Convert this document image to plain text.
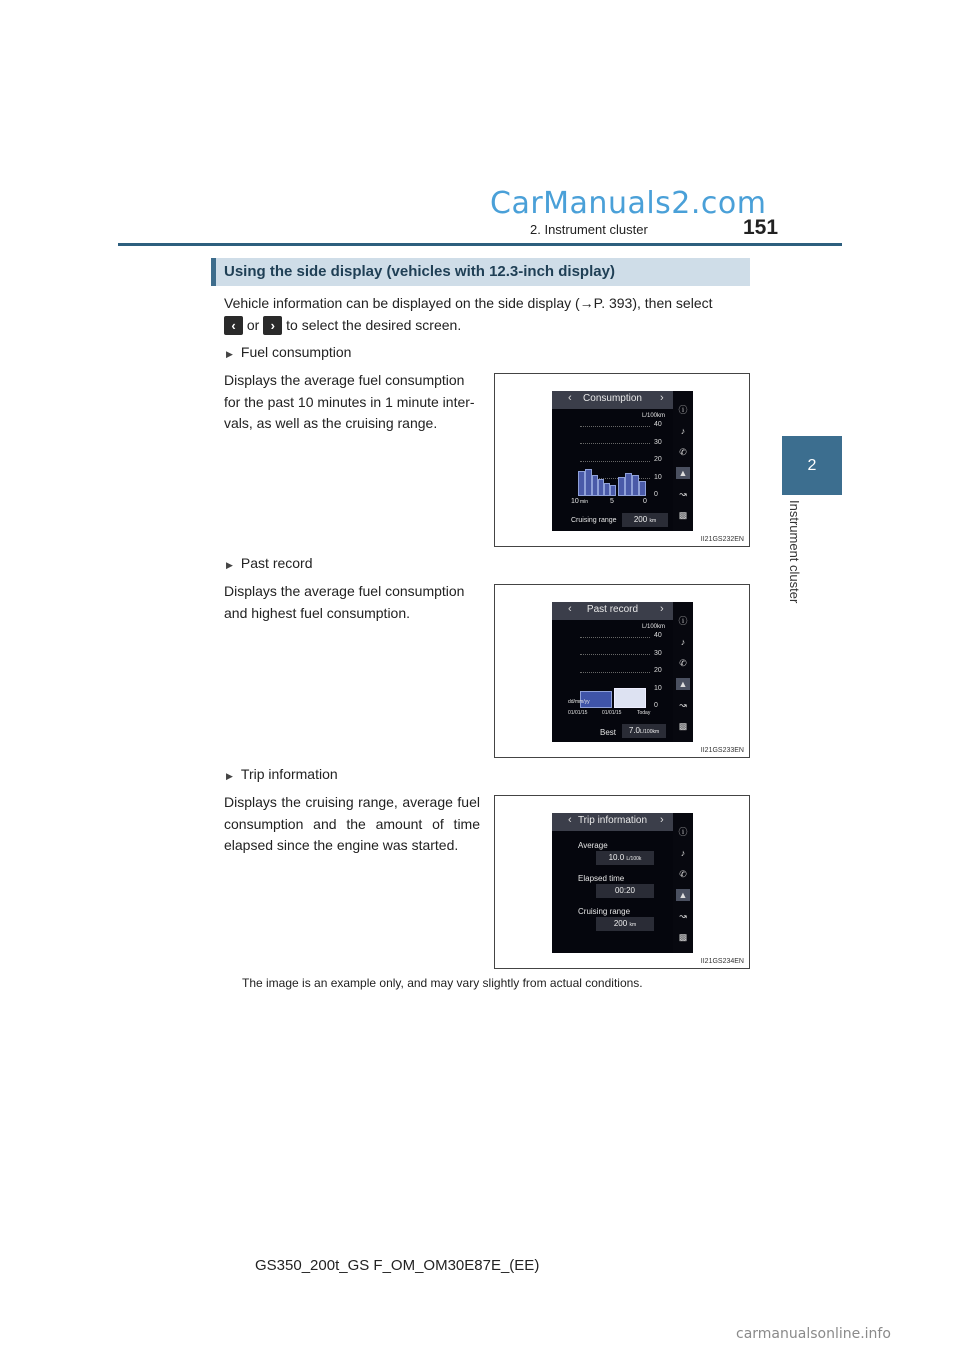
CarManuals2.com
2. Instrument cluster	151
2
Instrument cluster
Using the side display (vehicles with 12.3-inch display)
Vehicle information can be displayed on the side display (→P. 393), then select
‹ or › to select the desired screen.
▶ Fuel consumption
Displays the average fuel consumption for the past 10 minutes in 1 minute inter-vals, as well as the cruising range.
‹	›
Consumption
L/100km
40
30
20
10
0
10 min	5	0
Cruising range	200 km
ⓘ
♪
✆
▲
↝
▩
II21GS232EN
▶ Past record
Displays the average fuel consumption and highest fuel consumption.	‹	›
Past record
L/100km
40
30
20
10
0
dd/mm/yy
01/01/15	01/01/15	Today
Best	7.0L/100km
ⓘ
♪
✆
▲
↝
▩
II21GS233EN
▶ Trip information
Displays the cruising range, average fuel consumption and the amount of time elapsed since the engine was started.
‹	›
Trip information
Average
10.0 L/100k
Elapsed time
00:20
Cruising range
200 km
ⓘ
♪
✆
▲
↝
▩
II21GS234EN
The image is an example only, and may vary slightly from actual conditions.
GS350_200t_GS F_OM_OM30E87E_(EE)
carmanualsonline.info
